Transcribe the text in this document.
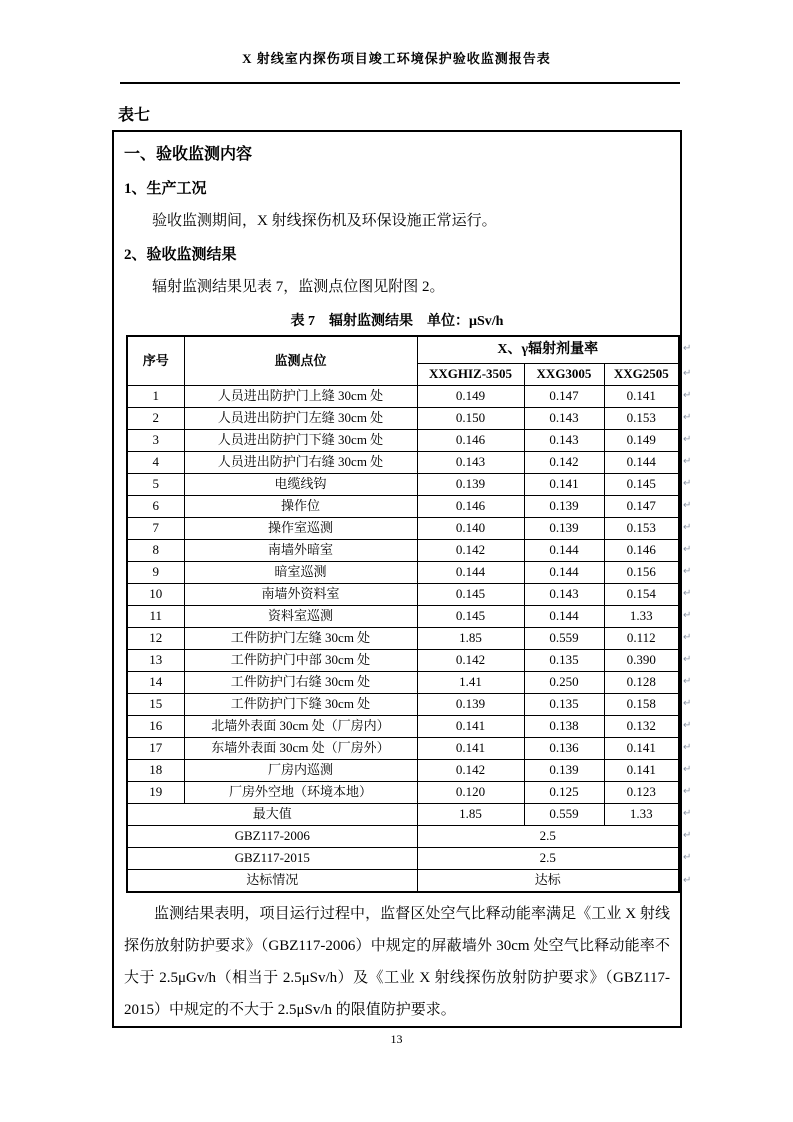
X 射线室内探伤项目竣工环境保护验收监测报告表
表七
一、验收监测内容
1、生产工况
验收监测期间，X 射线探伤机及环保设施正常运行。
2、验收监测结果
辐射监测结果见表 7，监测点位图见附图 2。
表 7　辐射监测结果　单位：μSv/h
序号	监测点位	X、γ辐射剂量率		
		XXGHIZ-3505	XXG3005	XXG2505
1	人员进出防护门上缝 30cm 处	0.149	0.147	0.141
2	人员进出防护门左缝 30cm 处	0.150	0.143	0.153
3	人员进出防护门下缝 30cm 处	0.146	0.143	0.149
4	人员进出防护门右缝 30cm 处	0.143	0.142	0.144
5	电缆线钩	0.139	0.141	0.145
6	操作位	0.146	0.139	0.147
7	操作室巡测	0.140	0.139	0.153
8	南墙外暗室	0.142	0.144	0.146
9	暗室巡测	0.144	0.144	0.156
10	南墙外资料室	0.145	0.143	0.154
11	资料室巡测	0.145	0.144	1.33
12	工件防护门左缝 30cm 处	1.85	0.559	0.112
13	工件防护门中部 30cm 处	0.142	0.135	0.390
14	工件防护门右缝 30cm 处	1.41	0.250	0.128
15	工件防护门下缝 30cm 处	0.139	0.135	0.158
16	北墙外表面 30cm 处（厂房内）	0.141	0.138	0.132
17	东墙外表面 30cm 处（厂房外）	0.141	0.136	0.141
18	厂房内巡测	0.142	0.139	0.141
19	厂房外空地（环境本地）	0.120	0.125	0.123
最大值		1.85	0.559	1.33
GBZ117-2006		2.5		
GBZ117-2015		2.5		
达标情况		达标		
监测结果表明，项目运行过程中，监督区处空气比释动能率满足《工业 X 射线探伤放射防护要求》（GBZ117-2006）中规定的屏蔽墙外 30cm 处空气比释动能率不大于 2.5μGv/h（相当于 2.5μSv/h）及《工业 X 射线探伤放射防护要求》（GBZ117-2015）中规定的不大于 2.5μSv/h 的限值防护要求。
↵
↵
↵
↵
↵
↵
↵
↵
↵
↵
↵
↵
↵
↵
↵
↵
↵
↵
↵
↵
↵
↵
↵
↵
↵
13
